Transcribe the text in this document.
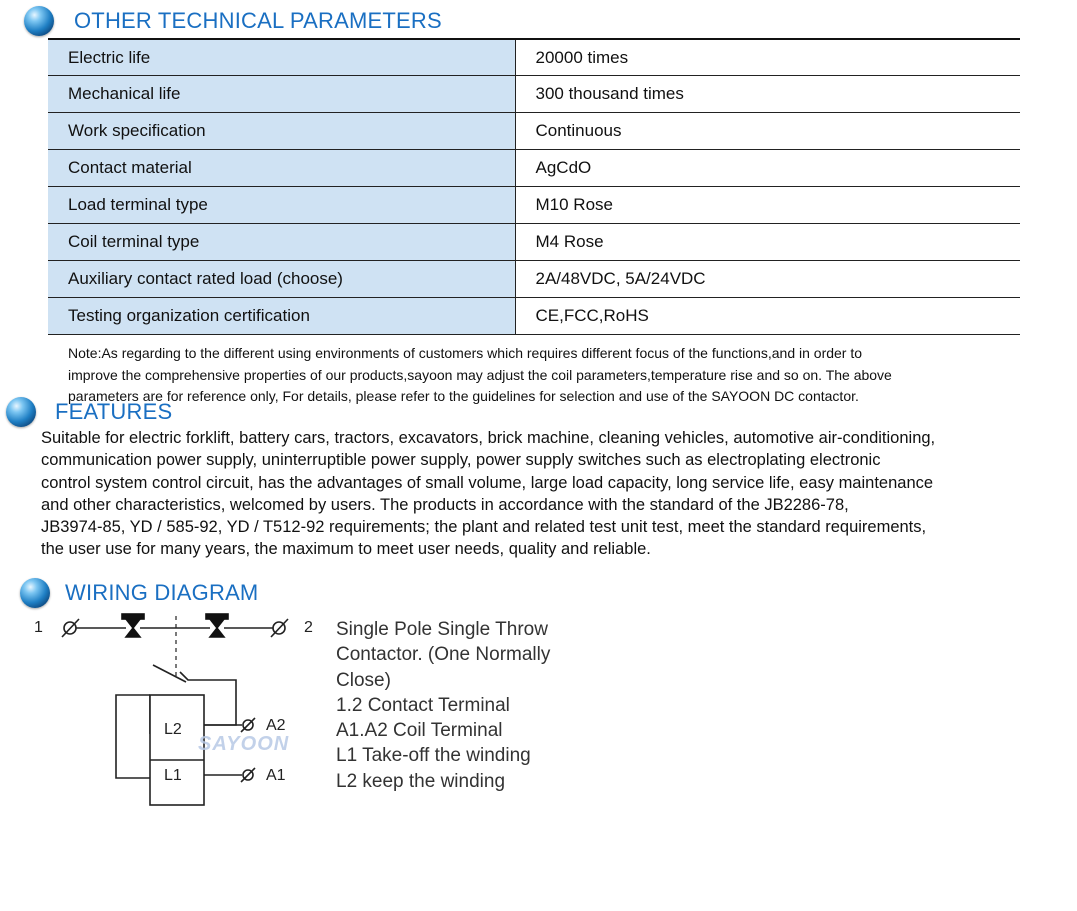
OTHER TECHNICAL PARAMETERS
Electric life	20000 times
Mechanical life	300 thousand times
Work specification	Continuous
Contact material	AgCdO
Load terminal type	M10 Rose
Coil terminal type	M4 Rose
Auxiliary contact rated load (choose)	2A/48VDC, 5A/24VDC
Testing organization certification	CE,FCC,RoHS
Note:As regarding to the different using environments of customers which requires different focus of the functions,and in order to
improve the comprehensive properties of our products,sayoon may adjust the coil parameters,temperature rise and so on. The above
parameters are for reference only, For details, please refer to the guidelines for selection and use of the SAYOON DC contactor.
FEATURES
Suitable for electric forklift, battery cars, tractors, excavators, brick machine, cleaning vehicles, automotive air-conditioning,
communication power supply, uninterruptible power supply, power supply switches such as electroplating electronic
control system control circuit, has the advantages of small volume, large load capacity, long service life, easy maintenance
and other characteristics, welcomed by users. The products in accordance with the standard of the JB2286-78,
JB3974-85, YD / 585-92, YD / T512-92 requirements; the plant and related test unit test, meet the standard requirements,
the user use for many years, the maximum to meet user needs, quality and reliable.
WIRING DIAGRAM
1	2
L2
L1
A2
A1
SAYOON
Single Pole Single Throw
Contactor. (One Normally
Close)
1.2 Contact Terminal
A1.A2 Coil Terminal
L1 Take-off the winding
L2 keep the winding
